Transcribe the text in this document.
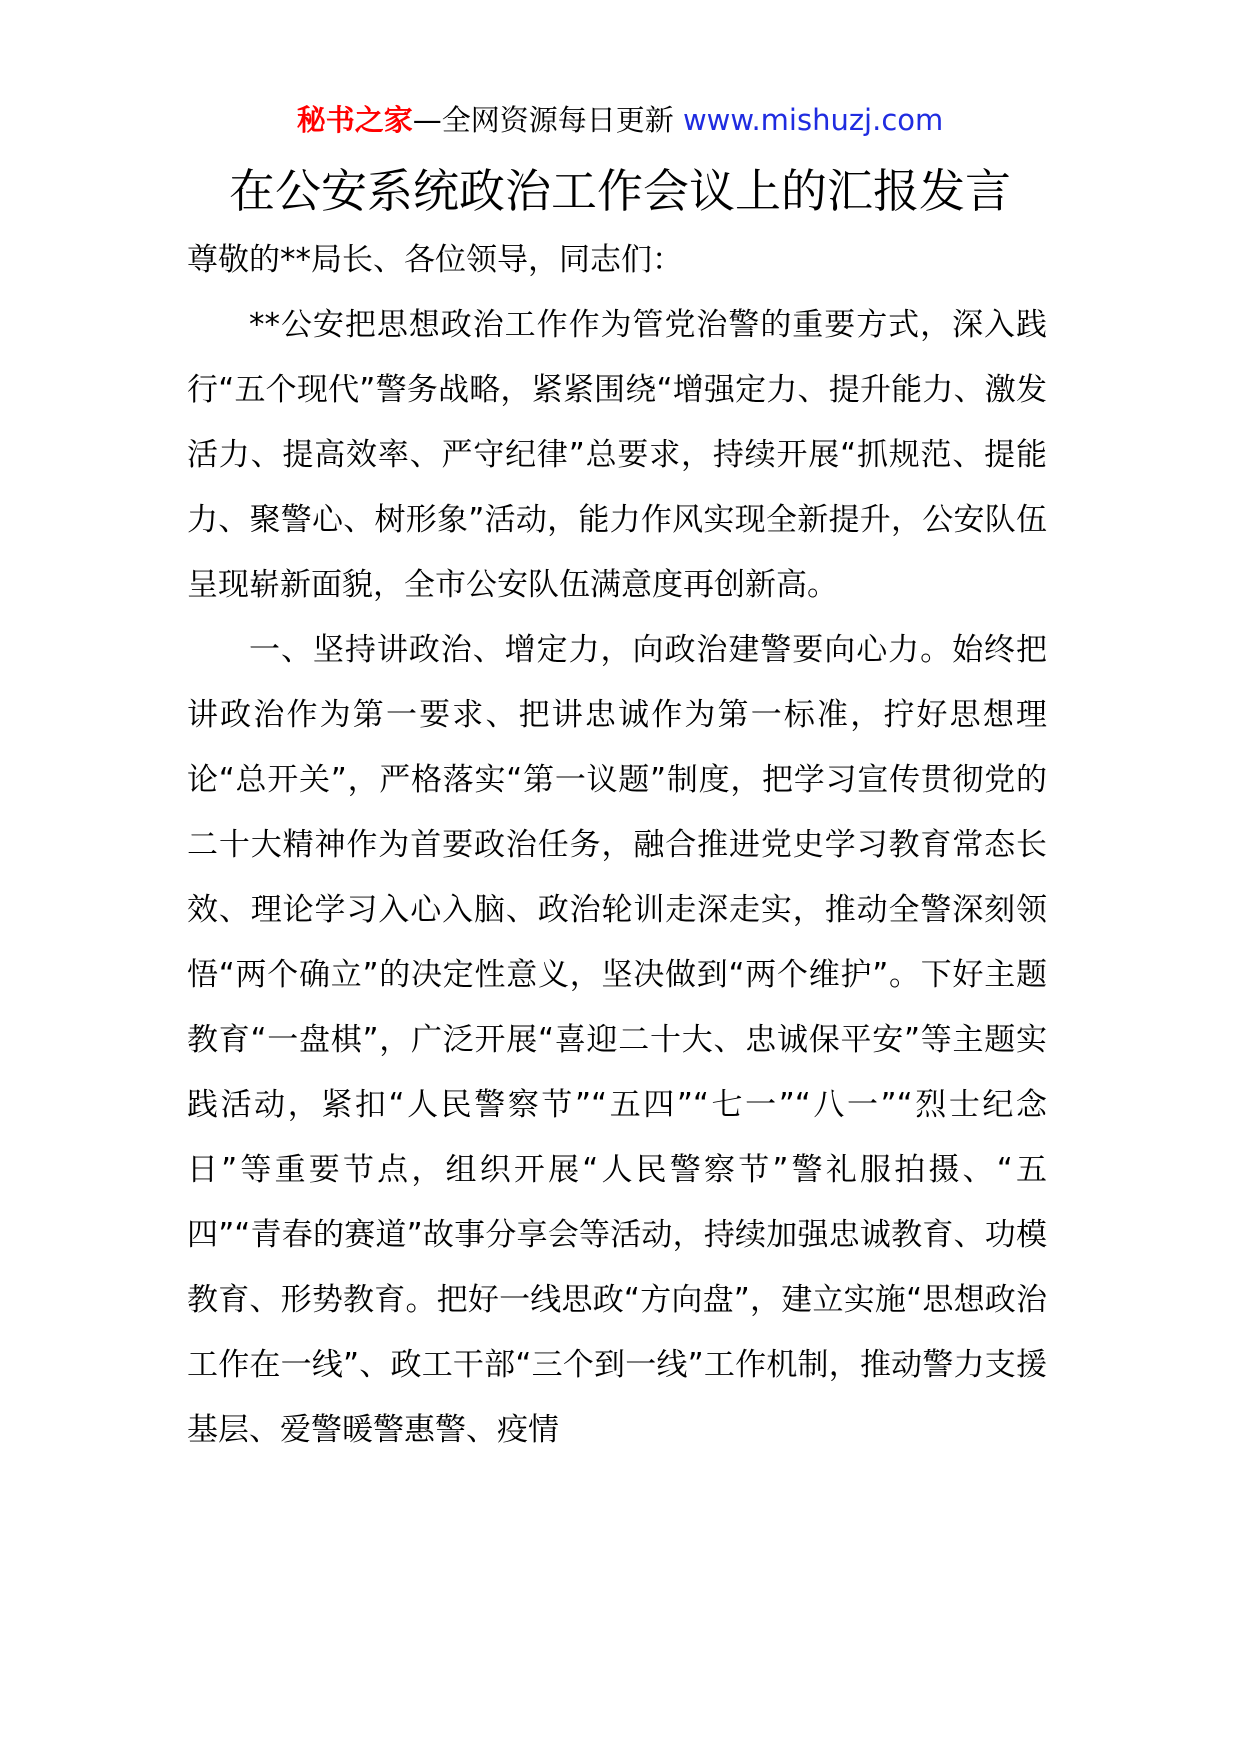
秘书之家—全网资源每日更新 www.mishuzj.com
在公安系统政治工作会议上的汇报发言

尊敬的**局长、各位领导，同志们：

**公安把思想政治工作作为管党治警的重要方式，深入践行“五个现代”警务战略，紧紧围绕“增强定力、提升能力、激发活力、提高效率、严守纪律”总要求，持续开展“抓规范、提能力、聚警心、树形象”活动，能力作风实现全新提升，公安队伍呈现崭新面貌，全市公安队伍满意度再创新高。

一、坚持讲政治、增定力，向政治建警要向心力。始终把讲政治作为第一要求、把讲忠诚作为第一标准，拧好思想理论“总开关”，严格落实“第一议题”制度，把学习宣传贯彻党的二十大精神作为首要政治任务，融合推进党史学习教育常态长效、理论学习入心入脑、政治轮训走深走实，推动全警深刻领悟“两个确立”的决定性意义，坚决做到“两个维护”。下好主题教育“一盘棋”，广泛开展“喜迎二十大、忠诚保平安”等主题实践活动，紧扣“人民警察节”“五四”“七一”“八一”“烈士纪念日”等重要节点，组织开展“人民警察节”警礼服拍摄、“五四”“青春的赛道”故事分享会等活动，持续加强忠诚教育、功模教育、形势教育。把好一线思政“方向盘”，建立实施“思想政治工作在一线”、政工干部“三个到一线”工作机制，推动警力支援基层、爱警暖警惠警、疫情
